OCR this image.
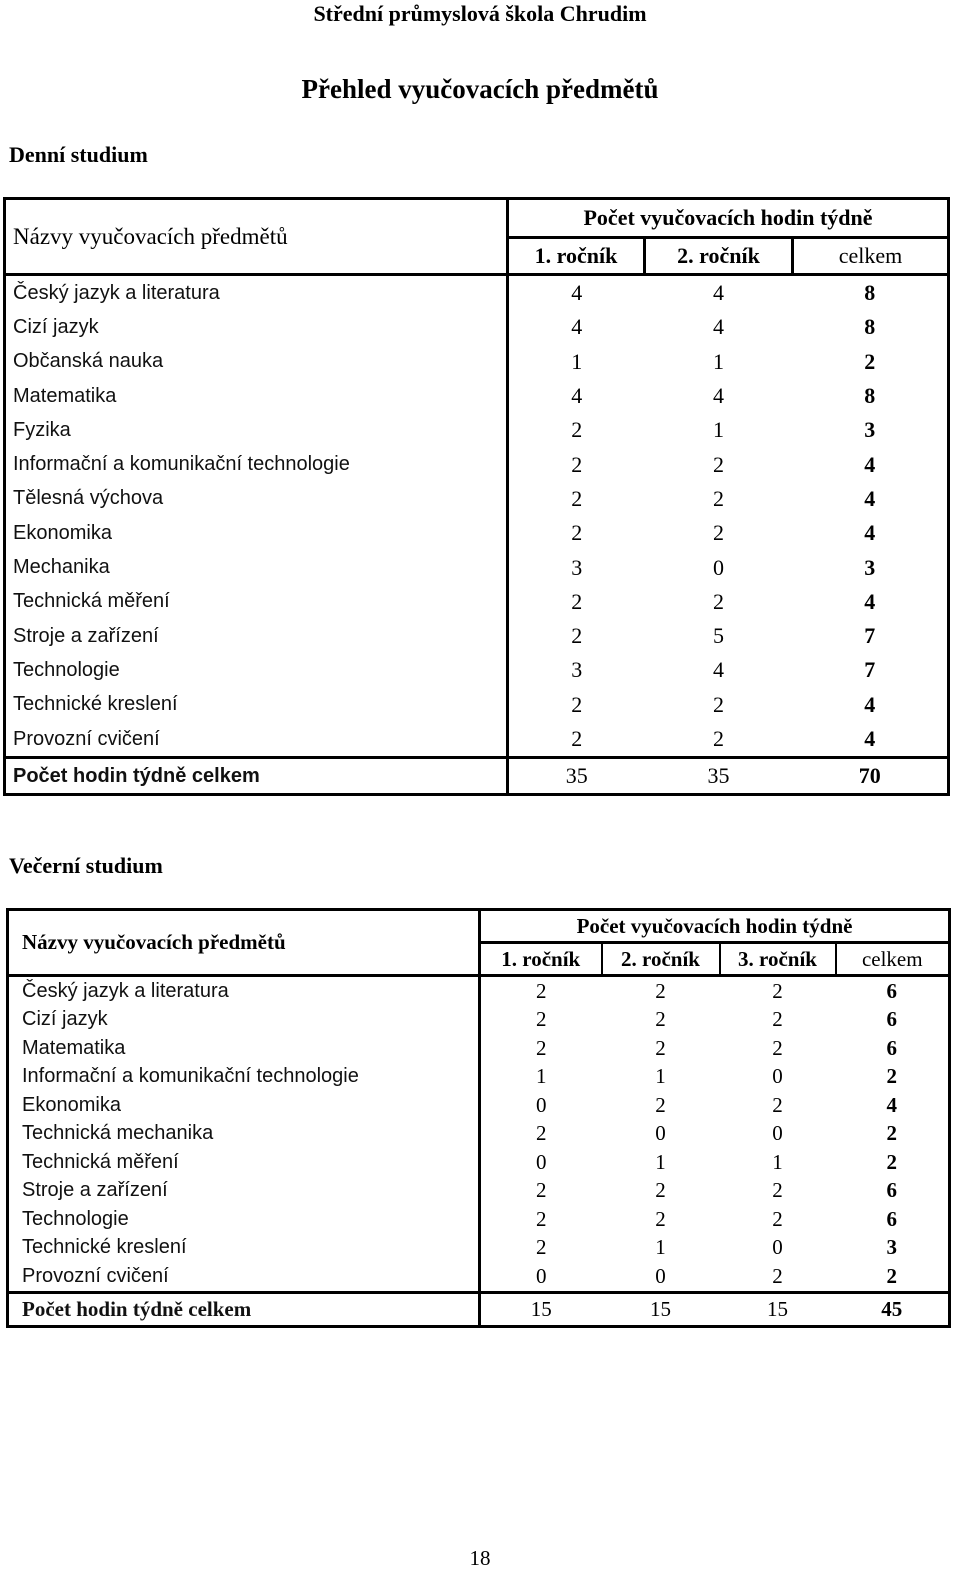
Střední průmyslová škola Chrudim
Přehled vyučovacích předmětů
Denní studium
Názvy vyučovacích předmětů	Počet vyučovacích hodin týdně		
	1. ročník	2. ročník	celkem
Český jazyk a literatura	4	4	8
Cizí jazyk	4	4	8
Občanská nauka	1	1	2
Matematika	4	4	8
Fyzika	2	1	3
Informační a komunikační technologie	2	2	4
Tělesná výchova	2	2	4
Ekonomika	2	2	4
Mechanika	3	0	3
Technická měření	2	2	4
Stroje a zařízení	2	5	7
Technologie	3	4	7
Technické kreslení	2	2	4
Provozní cvičení	2	2	4
Počet hodin týdně celkem	35	35	70
Večerní studium
Názvy vyučovacích předmětů	Počet vyučovacích hodin týdně			
	1. ročník	2. ročník	3. ročník	celkem
Český jazyk a literatura	2	2	2	6
Cizí jazyk	2	2	2	6
Matematika	2	2	2	6
Informační a komunikační technologie	1	1	0	2
Ekonomika	0	2	2	4
Technická mechanika	2	0	0	2
Technická měření	0	1	1	2
Stroje a zařízení	2	2	2	6
Technologie	2	2	2	6
Technické kreslení	2	1	0	3
Provozní cvičení	0	0	2	2
Počet hodin týdně celkem	15	15	15	45
18
